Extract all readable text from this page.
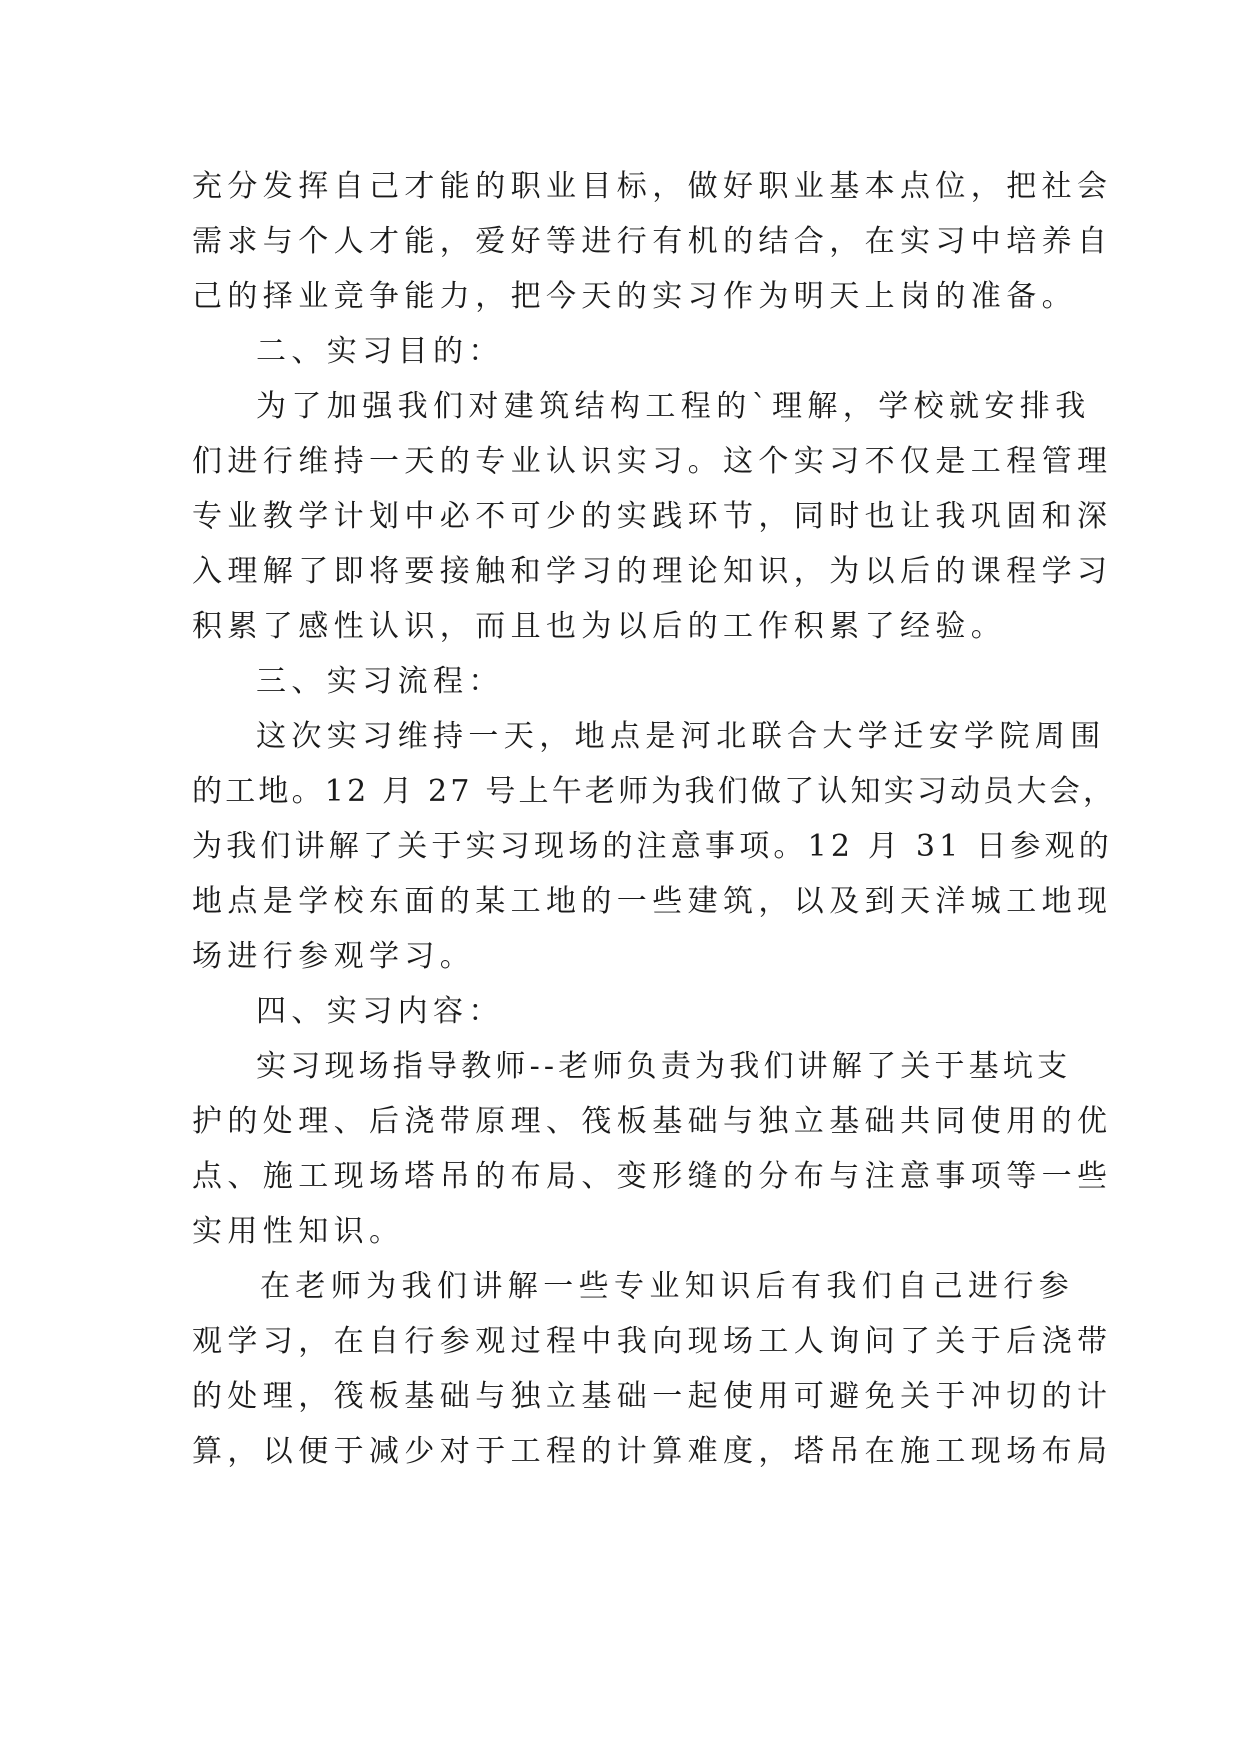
充分发挥自己才能的职业目标，做好职业基本点位，把社会
需求与个人才能，爱好等进行有机的结合，在实习中培养自
己的择业竞争能力，把今天的实习作为明天上岗的准备。
二、实习目的：
为了加强我们对建筑结构工程的`理解，学校就安排我
们进行维持一天的专业认识实习。这个实习不仅是工程管理
专业教学计划中必不可少的实践环节，同时也让我巩固和深
入理解了即将要接触和学习的理论知识，为以后的课程学习
积累了感性认识，而且也为以后的工作积累了经验。
三、实习流程：
这次实习维持一天，地点是河北联合大学迁安学院周围
的工地。12 月 27 号上午老师为我们做了认知实习动员大会，
为我们讲解了关于实习现场的注意事项。12 月 31 日参观的
地点是学校东面的某工地的一些建筑，以及到天洋城工地现
场进行参观学习。
四、实习内容：
实习现场指导教师--老师负责为我们讲解了关于基坑支
护的处理、后浇带原理、筏板基础与独立基础共同使用的优
点、施工现场塔吊的布局、变形缝的分布与注意事项等一些
实用性知识。
在老师为我们讲解一些专业知识后有我们自己进行参
观学习，在自行参观过程中我向现场工人询问了关于后浇带
的处理，筏板基础与独立基础一起使用可避免关于冲切的计
算，以便于减少对于工程的计算难度，塔吊在施工现场布局
